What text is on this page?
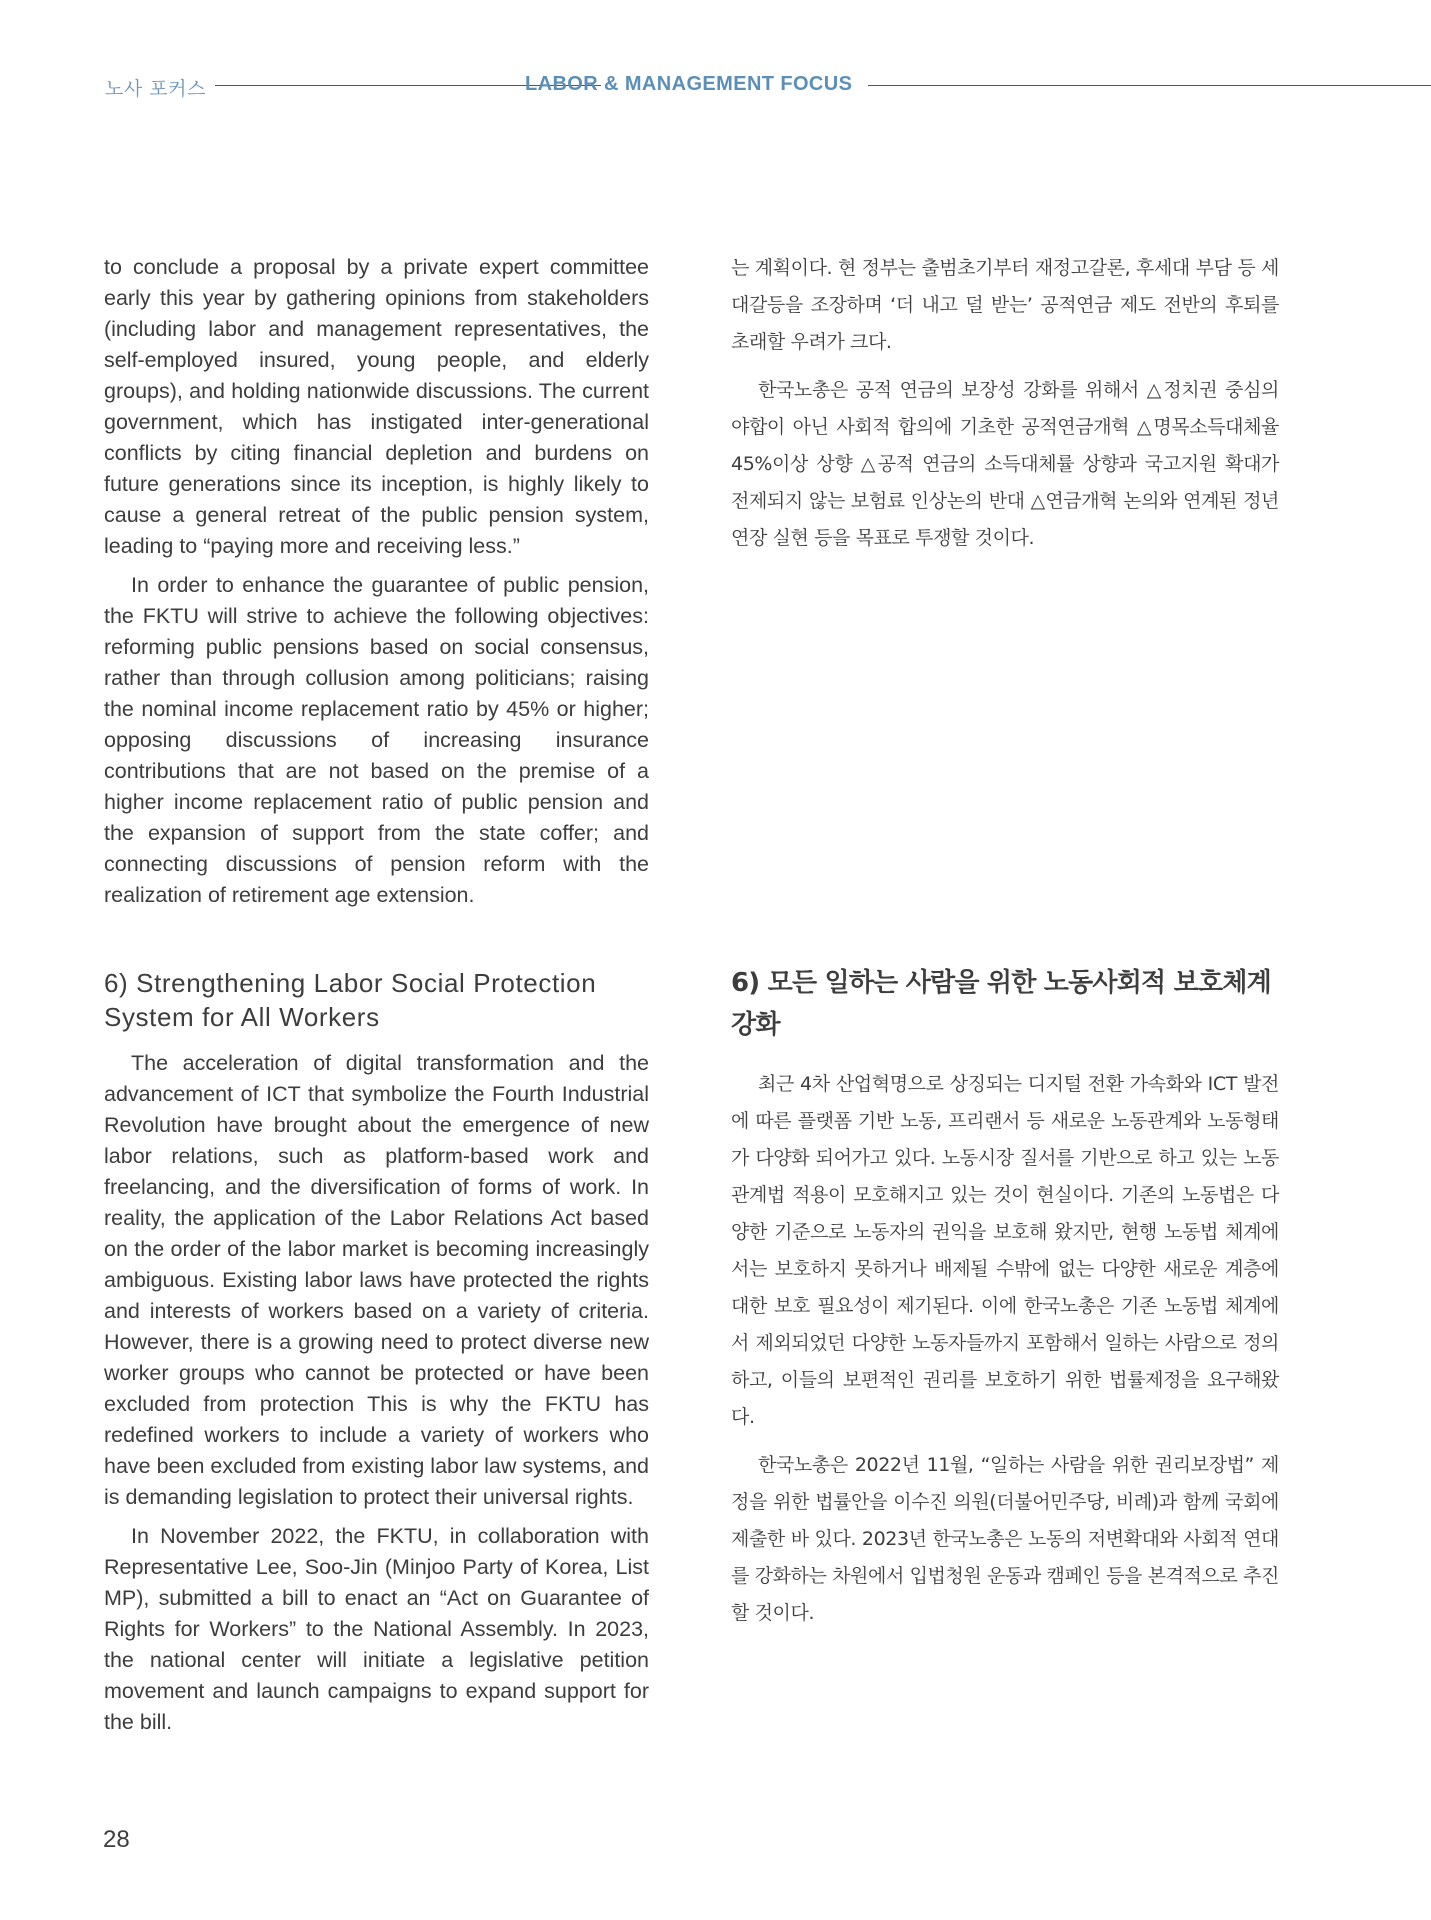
노사 포커스	LABOR & MANAGEMENT FOCUS

to conclude a proposal by a private expert committee early this year by gathering opinions from stakeholders (including labor and management representatives, the self-employed insured, young people, and elderly groups), and holding nationwide discussions. The current government, which has instigated inter-generational conflicts by citing financial depletion and burdens on future generations since its inception, is highly likely to cause a general retreat of the public pension system, leading to “paying more and receiving less.”

In order to enhance the guarantee of public pension, the FKTU will strive to achieve the following objectives: reforming public pensions based on social consensus, rather than through collusion among politicians; raising the nominal income replacement ratio by 45% or higher; opposing discussions of increasing insurance contributions that are not based on the premise of a higher income replacement ratio of public pension and the expansion of support from the state coffer; and connecting discussions of pension reform with the realization of retirement age extension.

는 계획이다. 현 정부는 출범초기부터 재정고갈론, 후세대 부담 등 세대갈등을 조장하며 ‘더 내고 덜 받는’ 공적연금 제도 전반의 후퇴를 초래할 우려가 크다.

한국노총은 공적 연금의 보장성 강화를 위해서 △정치권 중심의 야합이 아닌 사회적 합의에 기초한 공적연금개혁 △명목소득대체율 45%이상 상향 △공적 연금의 소득대체률 상향과 국고지원 확대가 전제되지 않는 보험료 인상논의 반대 △연금개혁 논의와 연계된 정년연장 실현 등을 목표로 투쟁할 것이다.

6) Strengthening Labor Social Protection System for All Workers

The acceleration of digital transformation and the advancement of ICT that symbolize the Fourth Industrial Revolution have brought about the emergence of new labor relations, such as platform-based work and freelancing, and the diversification of forms of work. In reality, the application of the Labor Relations Act based on the order of the labor market is becoming increasingly ambiguous. Existing labor laws have protected the rights and interests of workers based on a variety of criteria. However, there is a growing need to protect diverse new worker groups who cannot be protected or have been excluded from protection This is why the FKTU has redefined workers to include a variety of workers who have been excluded from existing labor law systems, and is demanding legislation to protect their universal rights.

In November 2022, the FKTU, in collaboration with Representative Lee, Soo-Jin (Minjoo Party of Korea, List MP), submitted a bill to enact an “Act on Guarantee of Rights for Workers” to the National Assembly. In 2023, the national center will initiate a legislative petition movement and launch campaigns to expand support for the bill.

6) 모든 일하는 사람을 위한 노동사회적 보호체계 강화

최근 4차 산업혁명으로 상징되는 디지털 전환 가속화와 ICT 발전에 따른 플랫폼 기반 노동, 프리랜서 등 새로운 노동관계와 노동형태가 다양화 되어가고 있다. 노동시장 질서를 기반으로 하고 있는 노동관계법 적용이 모호해지고 있는 것이 현실이다. 기존의 노동법은 다양한 기준으로 노동자의 권익을 보호해 왔지만, 현행 노동법 체계에서는 보호하지 못하거나 배제될 수밖에 없는 다양한 새로운 계층에 대한 보호 필요성이 제기된다. 이에 한국노총은 기존 노동법 체계에서 제외되었던 다양한 노동자들까지 포함해서 일하는 사람으로 정의하고, 이들의 보편적인 권리를 보호하기 위한 법률제정을 요구해왔다.

한국노총은 2022년 11월, “일하는 사람을 위한 권리보장법” 제정을 위한 법률안을 이수진 의원(더불어민주당, 비례)과 함께 국회에 제출한 바 있다. 2023년 한국노총은 노동의 저변확대와 사회적 연대를 강화하는 차원에서 입법청원 운동과 캠페인 등을 본격적으로 추진할 것이다.

28
